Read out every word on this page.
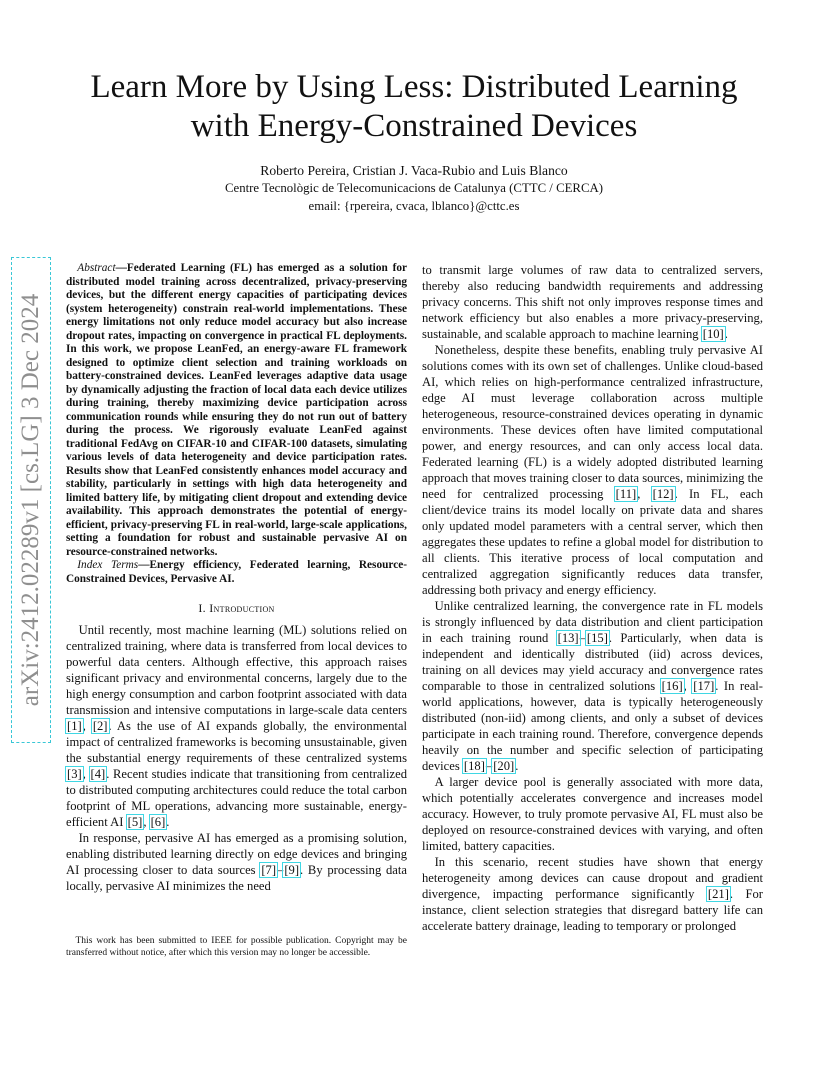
Learn More by Using Less: Distributed Learning
with Energy-Constrained Devices
Roberto Pereira, Cristian J. Vaca-Rubio and Luis Blanco
Centre Tecnològic de Telecomunicacions de Catalunya (CTTC / CERCA)
email: {rpereira, cvaca, lblanco}@cttc.es
arXiv:2412.02289v1 [cs.LG] 3 Dec 2024

Abstract—Federated Learning (FL) has emerged as a solution for distributed model training across decentralized, privacy-preserving devices, but the different energy capacities of participating devices (system heterogeneity) constrain real-world implementations. These energy limitations not only reduce model accuracy but also increase dropout rates, impacting on convergence in practical FL deployments. In this work, we propose LeanFed, an energy-aware FL framework designed to optimize client selection and training workloads on battery-constrained devices. LeanFed leverages adaptive data usage by dynamically adjusting the fraction of local data each device utilizes during training, thereby maximizing device participation across communication rounds while ensuring they do not run out of battery during the process. We rigorously evaluate LeanFed against traditional FedAvg on CIFAR-10 and CIFAR-100 datasets, simulating various levels of data heterogeneity and device participation rates. Results show that LeanFed consistently enhances model accuracy and stability, particularly in settings with high data heterogeneity and limited battery life, by mitigating client dropout and extending device availability. This approach demonstrates the potential of energy-efficient, privacy-preserving FL in real-world, large-scale applications, setting a foundation for robust and sustainable pervasive AI on resource-constrained networks.

Index Terms—Energy efficiency, Federated learning, Resource-Constrained Devices, Pervasive AI.

I. Introduction

Until recently, most machine learning (ML) solutions relied on centralized training, where data is transferred from local devices to powerful data centers. Although effective, this approach raises significant privacy and environmental concerns, largely due to the high energy consumption and carbon footprint associated with data transmission and intensive computations in large-scale data centers [1], [2]. As the use of AI expands globally, the environmental impact of centralized frameworks is becoming unsustainable, given the substantial energy requirements of these centralized systems [3], [4]. Recent studies indicate that transitioning from centralized to distributed computing architectures could reduce the total carbon footprint of ML operations, advancing more sustainable, energy-efficient AI [5], [6].

In response, pervasive AI has emerged as a promising solution, enabling distributed learning directly on edge devices and bringing AI processing closer to data sources [7]–[9]. By processing data locally, pervasive AI minimizes the need

This work has been submitted to IEEE for possible publication. Copyright may be transferred without notice, after which this version may no longer be accessible.

to transmit large volumes of raw data to centralized servers, thereby also reducing bandwidth requirements and addressing privacy concerns. This shift not only improves response times and network efficiency but also enables a more privacy-preserving, sustainable, and scalable approach to machine learning [10].

Nonetheless, despite these benefits, enabling truly pervasive AI solutions comes with its own set of challenges. Unlike cloud-based AI, which relies on high-performance centralized infrastructure, edge AI must leverage collaboration across multiple heterogeneous, resource-constrained devices operating in dynamic environments. These devices often have limited computational power, and energy resources, and can only access local data. Federated learning (FL) is a widely adopted distributed learning approach that moves training closer to data sources, minimizing the need for centralized processing [11], [12]. In FL, each client/device trains its model locally on private data and shares only updated model parameters with a central server, which then aggregates these updates to refine a global model for distribution to all clients. This iterative process of local computation and centralized aggregation significantly reduces data transfer, addressing both privacy and energy efficiency.

Unlike centralized learning, the convergence rate in FL models is strongly influenced by data distribution and client participation in each training round [13]–[15]. Particularly, when data is independent and identically distributed (iid) across devices, training on all devices may yield accuracy and convergence rates comparable to those in centralized solutions [16], [17]. In real-world applications, however, data is typically heterogeneously distributed (non-iid) among clients, and only a subset of devices participate in each training round. Therefore, convergence depends heavily on the number and specific selection of participating devices [18]–[20].

A larger device pool is generally associated with more data, which potentially accelerates convergence and increases model accuracy. However, to truly promote pervasive AI, FL must also be deployed on resource-constrained devices with varying, and often limited, battery capacities.

In this scenario, recent studies have shown that energy heterogeneity among devices can cause dropout and gradient divergence, impacting performance significantly [21]. For instance, client selection strategies that disregard battery life can accelerate battery drainage, leading to temporary or prolonged
